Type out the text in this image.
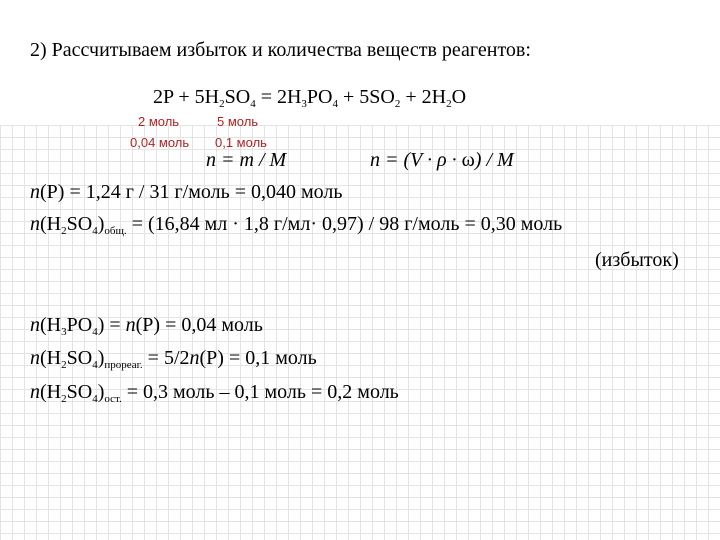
2) Рассчитываем избыток и количества веществ реагентов:
$2P + 5H_2SO_4 = 2H_3PO_4 + 5SO_2 + 2H_2O$
2 моль	5 моль
0,04 моль 0,1 моль
n = m / M	n = (V · ρ · ω) / M
n(P) = 1,24 г / 31 г/моль = 0,040 моль
$n(H_2SO_4)_{общ.} = (16,84$ мл · 1,8 г/мл· 0,97) / 98 г/моль = 0,30 моль
(избыток)
$n(H_3PO_4) = n(P) = 0,04$ моль
$n(H_2SO_4)_{прореаг.} = 5/2n(P) = 0,1$ моль
$n(H_2SO_4)_{ост.} = 0,3$ моль – 0,1 моль = 0,2 моль
